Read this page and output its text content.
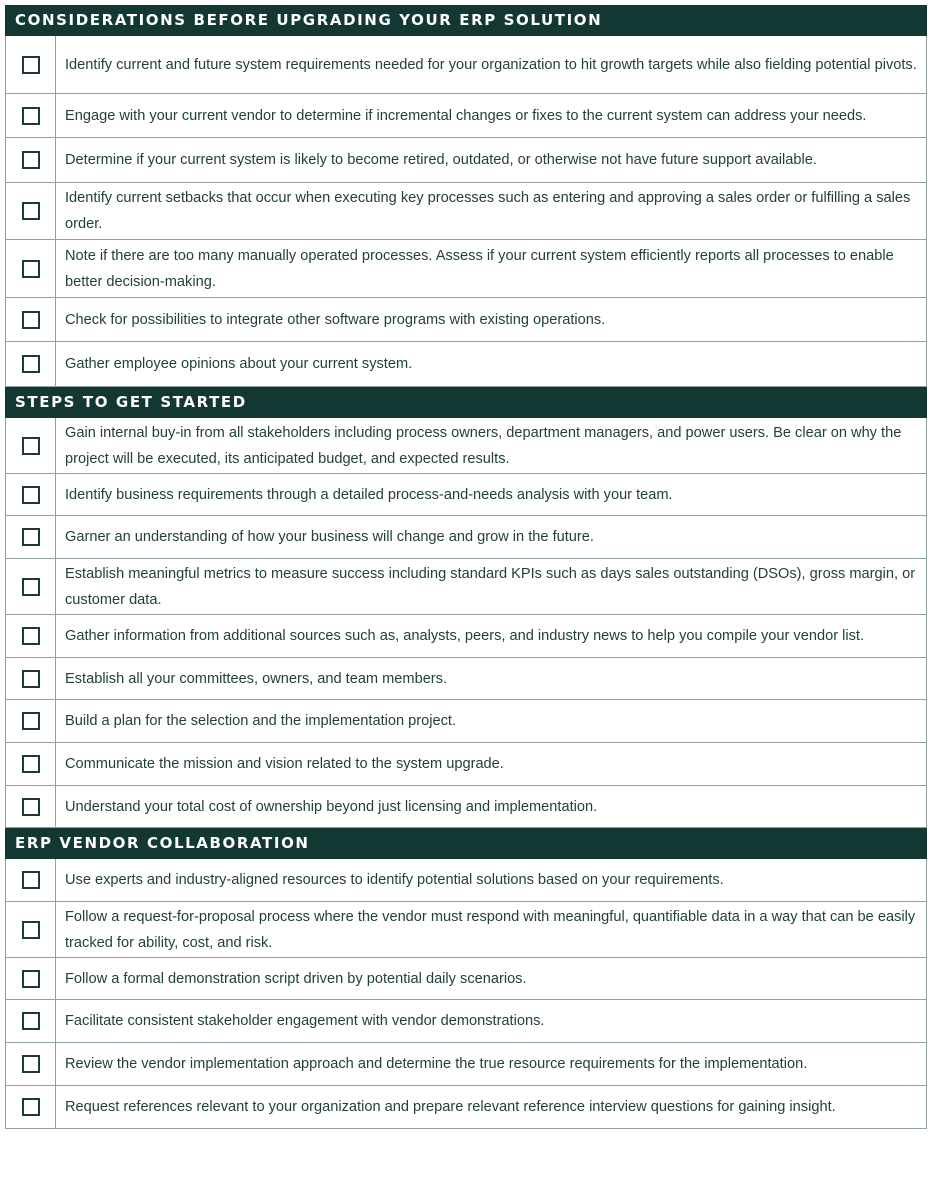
CONSIDERATIONS BEFORE UPGRADING YOUR ERP SOLUTION
Identify current and future system requirements needed for your organization to hit growth targets while also fielding potential pivots.
Engage with your current vendor to determine if incremental changes or fixes to the current system can address your needs.
Determine if your current system is likely to become retired, outdated, or otherwise not have future support available.
Identify current setbacks that occur when executing key processes such as entering and approving a sales order or fulfilling a sales order.
Note if there are too many manually operated processes. Assess if your current system efficiently reports all processes to enable better decision-making.
Check for possibilities to integrate other software programs with existing operations.
Gather employee opinions about your current system.
STEPS TO GET STARTED
Gain internal buy-in from all stakeholders including process owners, department managers, and power users. Be clear on why the project will be executed, its anticipated budget, and expected results.
Identify business requirements through a detailed process-and-needs analysis with your team.
Garner an understanding of how your business will change and grow in the future.
Establish meaningful metrics to measure success including standard KPIs such as days sales outstanding (DSOs), gross margin, or customer data.
Gather information from additional sources such as, analysts, peers, and industry news to help you compile your vendor list.
Establish all your committees, owners, and team members.
Build a plan for the selection and the implementation project.
Communicate the mission and vision related to the system upgrade.
Understand your total cost of ownership beyond just licensing and implementation.
ERP VENDOR COLLABORATION
Use experts and industry-aligned resources to identify potential solutions based on your requirements.
Follow a request-for-proposal process where the vendor must respond with meaningful, quantifiable data in a way that can be easily tracked for ability, cost, and risk.
Follow a formal demonstration script driven by potential daily scenarios.
Facilitate consistent stakeholder engagement with vendor demonstrations.
Review the vendor implementation approach and determine the true resource requirements for the implementation.
Request references relevant to your organization and prepare relevant reference interview questions for gaining insight.
